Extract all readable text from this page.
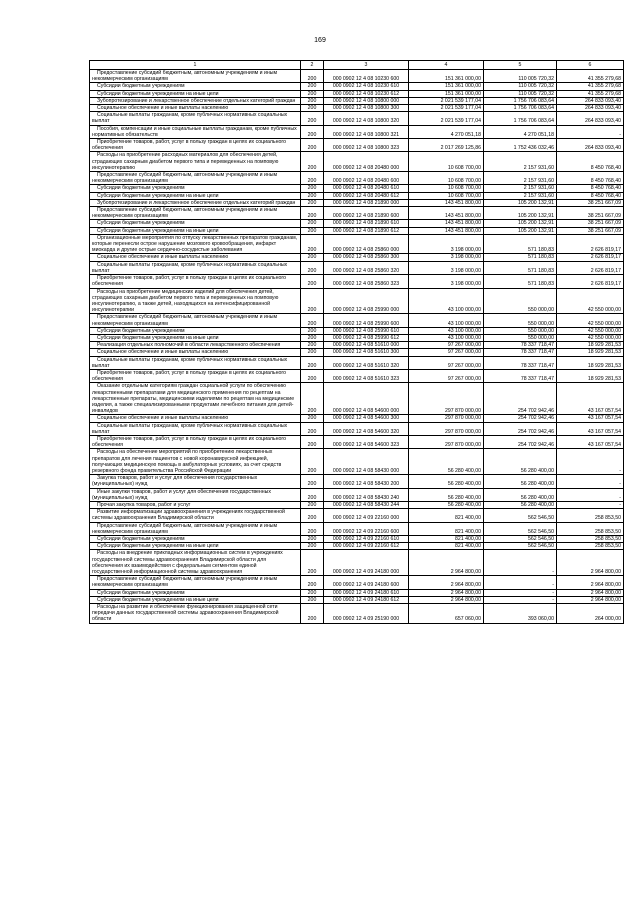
169
1	2	3	4	5	6
Предоставление субсидий бюджетным, автономным учреждениям и иным некоммерческим организациям	200	000 0902 12 4 08 10230 600	151 361 000,00	110 005 720,32	41 355 279,68
Субсидии бюджетным учреждениям	200	000 0902 12 4 08 10230 610	151 361 000,00	110 005 720,32	41 355 279,68
Субсидии бюджетным учреждениям на иные цели	200	000 0902 12 4 08 10230 612	151 361 000,00	110 005 720,32	41 355 279,68
Зубопротезирование и лекарственное обеспечение отдельных категорий граждан	200	000 0902 12 4 08 10800 000	2 021 539 177,04	1 756 706 083,64	264 833 093,40
Социальное обеспечение и иные выплаты населению	200	000 0902 12 4 08 10800 300	2 021 539 177,04	1 756 706 083,64	264 833 093,40
Социальные выплаты гражданам, кроме публичных нормативных социальных выплат	200	000 0902 12 4 08 10800 320	2 021 539 177,04	1 756 706 083,64	264 833 093,40
Пособия, компенсации и иные социальные выплаты гражданам, кроме публичных нормативных обязательств	200	000 0902 12 4 08 10800 321	4 270 051,18	4 270 051,18	-
Приобретение товаров, работ, услуг в пользу граждан в целях их социального обеспечения	200	000 0902 12 4 08 10800 323	2 017 269 125,86	1 752 436 032,46	264 833 093,40
Расходы на приобретение расходных материалов для обеспечения детей, страдающих сахарным диабетом первого типа и переведенных на помповую инсулинотерапию	200	000 0902 12 4 08 20480 000	10 608 700,00	2 157 931,60	8 450 768,40
Предоставление субсидий бюджетным, автономным учреждениям и иным некоммерческим организациям	200	000 0902 12 4 08 20480 600	10 608 700,00	2 157 931,60	8 450 768,40
Субсидии бюджетным учреждениям	200	000 0902 12 4 08 20480 610	10 608 700,00	2 157 931,60	8 450 768,40
Субсидии бюджетным учреждениям на иные цели	200	000 0902 12 4 08 20480 612	10 608 700,00	2 157 931,60	8 450 768,40
Зубопротезирование и лекарственное обеспечение отдельных категорий граждан	200	000 0902 12 4 08 21890 000	143 451 800,00	105 200 132,91	38 251 667,09
Предоставление субсидий бюджетным, автономным учреждениям и иным некоммерческим организациям	200	000 0902 12 4 08 21890 600	143 451 800,00	105 200 132,91	38 251 667,09
Субсидии бюджетным учреждениям	200	000 0902 12 4 08 21890 610	143 451 800,00	105 200 132,91	38 251 667,09
Субсидии бюджетным учреждениям на иные цели	200	000 0902 12 4 08 21890 612	143 451 800,00	105 200 132,91	38 251 667,09
Организационные мероприятия по отпуску лекарственных препаратов гражданам, которые перенесли острое нарушение мозгового кровообращения, инфаркт миокарда и другие острые сердечно-сосудистые заболевания	200	000 0902 12 4 08 25860 000	3 198 000,00	571 180,83	2 626 819,17
Социальное обеспечение и иные выплаты населению	200	000 0902 12 4 08 25860 300	3 198 000,00	571 180,83	2 626 819,17
Социальные выплаты гражданам, кроме публичных нормативных социальных выплат	200	000 0902 12 4 08 25860 320	3 198 000,00	571 180,83	2 626 819,17
Приобретение товаров, работ, услуг в пользу граждан в целях их социального обеспечения	200	000 0902 12 4 08 25860 323	3 198 000,00	571 180,83	2 626 819,17
Расходы на приобретение медицинских изделий для обеспечения детей, страдающих сахарным диабетом первого типа и переведенных на помповую инсулинотерапию, а также детей, находящихся на интенсифицированной инсулинотерапии	200	000 0902 12 4 08 25990 000	43 100 000,00	550 000,00	42 550 000,00
Предоставление субсидий бюджетным, автономным учреждениям и иным некоммерческим организациям	200	000 0902 12 4 08 25990 600	43 100 000,00	550 000,00	42 550 000,00
Субсидии бюджетным учреждениям	200	000 0902 12 4 08 25990 610	43 100 000,00	550 000,00	42 550 000,00
Субсидии бюджетным учреждениям на иные цели	200	000 0902 12 4 08 25990 612	43 100 000,00	550 000,00	42 550 000,00
Реализация отдельных полномочий в области лекарственного обеспечения	200	000 0902 12 4 08 51610 000	97 267 000,00	78 337 718,47	18 929 281,53
Социальное обеспечение и иные выплаты населению	200	000 0902 12 4 08 51610 300	97 267 000,00	78 337 718,47	18 929 281,53
Социальные выплаты гражданам, кроме публичных нормативных социальных выплат	200	000 0902 12 4 08 51610 320	97 267 000,00	78 337 718,47	18 929 281,53
Приобретение товаров, работ, услуг в пользу граждан в целях их социального обеспечения	200	000 0902 12 4 08 51610 323	97 267 000,00	78 337 718,47	18 929 281,53
Оказание отдельным категориям граждан социальной услуги по обеспечению лекарственными препаратами для медицинского применения по рецептам на лекарственные препараты, медицинскими изделиями по рецептам на медицинские изделия, а также специализированными продуктами лечебного питания для детей-инвалидов	200	000 0902 12 4 08 54600 000	297 870 000,00	254 702 942,46	43 167 057,54
Социальное обеспечение и иные выплаты населению	200	000 0902 12 4 08 54600 300	297 870 000,00	254 702 942,46	43 167 057,54
Социальные выплаты гражданам, кроме публичных нормативных социальных выплат	200	000 0902 12 4 08 54600 320	297 870 000,00	254 702 942,46	43 167 057,54
Приобретение товаров, работ, услуг в пользу граждан в целях их социального обеспечения	200	000 0902 12 4 08 54600 323	297 870 000,00	254 702 942,46	43 167 057,54
Расходы на обеспечение мероприятий по приобретению лекарственных препаратов для лечения пациентов с новой коронавирусной инфекцией, получающих медицинскую помощь в амбулаторных условиях, за счет средств резервного фонда правительства Российской Федерации	200	000 0902 12 4 08 58430 000	56 280 400,00	56 280 400,00	-
Закупка товаров, работ и услуг для обеспечения государственных (муниципальных) нужд	200	000 0902 12 4 08 58430 200	56 280 400,00	56 280 400,00	-
Иные закупки товаров, работ и услуг для обеспечения государственных (муниципальных) нужд	200	000 0902 12 4 08 58430 240	56 280 400,00	56 280 400,00	-
Прочая закупка товаров, работ и услуг	200	000 0902 12 4 08 58430 244	56 280 400,00	56 280 400,00	-
Развитие информатизации здравоохранения в учреждениях государственной системы здравоохранения Владимирской области	200	000 0902 12 4 09 22160 000	821 400,00	562 546,50	258 853,50
Предоставление субсидий бюджетным, автономным учреждениям и иным некоммерческим организациям	200	000 0902 12 4 09 22160 600	821 400,00	562 546,50	258 853,50
Субсидии бюджетным учреждениям	200	000 0902 12 4 09 22160 610	821 400,00	562 546,50	258 853,50
Субсидии бюджетным учреждениям на иные цели	200	000 0902 12 4 09 22160 612	821 400,00	562 546,50	258 853,50
Расходы на внедрение прикладных информационных систем в учреждениях государственной системы здравоохранения Владимирской области для обеспечения их взаимодействия с федеральным сегментом единой государственной информационной системы здравоохранения	200	000 0902 12 4 09 24180 000	2 964 800,00	-	2 964 800,00
Предоставление субсидий бюджетным, автономным учреждениям и иным некоммерческим организациям	200	000 0902 12 4 09 24180 600	2 964 800,00	-	2 964 800,00
Субсидии бюджетным учреждениям	200	000 0902 12 4 09 24180 610	2 964 800,00	-	2 964 800,00
Субсидии бюджетным учреждениям на иные цели	200	000 0902 12 4 09 24180 612	2 964 800,00	-	2 964 800,00
Расходы на развитие и обеспечение функционирования защищенной сети передачи данных государственной системы здравоохранения Владимирской области	200	000 0902 12 4 09 25190 000	657 060,00	393 060,00	264 000,00
